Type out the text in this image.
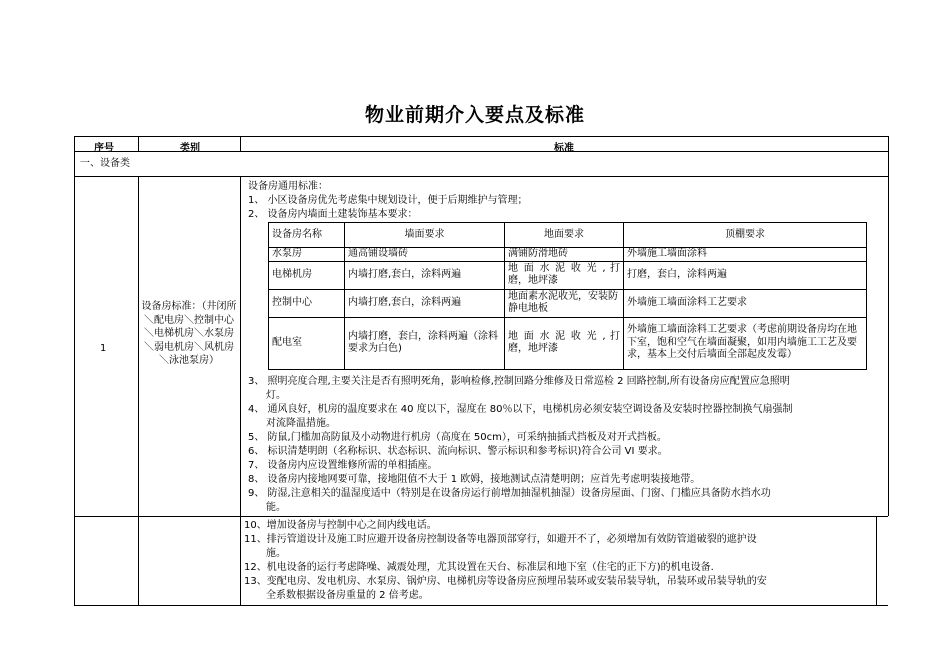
物业前期介入要点及标准
序号	类别	标准
一、设备类
1
设备房标准：（井闭所＼配电房＼控制中心＼电梯机房＼水泵房＼弱电机房＼风机房＼泳池泵房）
设备房通用标准：
1、 小区设备房优先考虑集中规划设计，便于后期维护与管理；
2、 设备房内墙面土建装饰基本要求：
设备房名称	墙面要求	地面要求	顶棚要求
水泵房	通高铺设墙砖	满铺防滑地砖	外墙施工墙面涂料
电梯机房	内墙打磨,套白，涂料两遍	地 面 水 泥 收 光 , 打磨，地坪漆	打磨，套白，涂料两遍
控制中心	内墙打磨,套白，涂料两遍	地面素水泥收光，安装防静电地板	外墙施工墙面涂料工艺要求
配电室	内墙打磨，套白，涂料两遍（涂料要求为白色)	地 面 水 泥 收 光 , 打磨，地坪漆	外墙施工墙面涂料工艺要求（考虑前期设备房均在地下室，饱和空气在墙面凝聚，如用内墙施工工艺及要求，基本上交付后墙面全部起皮发霉）
3、 照明亮度合理,主要关注是否有照明死角，影响检修,控制回路分维修及日常巡检 2 回路控制,所有设备房应配置应急照明
灯。
4、 通风良好，机房的温度要求在 40 度以下，湿度在 80％以下，电梯机房必须安装空调设备及安装时控器控制换气扇强制
对流降温措施。
5、 防鼠,门槛加高防鼠及小动物进行机房（高度在 50cm），可采纳抽插式挡板及对开式挡板。
6、 标识清楚明朗（名称标识、状态标识、流向标识、警示标识和参考标识)符合公司 VI 要求。
7、 设备房内应设置维修所需的单相插座。
8、 设备房内接地网要可靠，接地阻值不大于 1 欧姆，接地测试点清楚明朗；应首先考虑明装接地带。
9、 防湿,注意相关的温湿度适中（特别是在设备房运行前增加抽湿机抽湿）设备房屋面、门窗、门槛应具备防水挡水功
能。
10、增加设备房与控制中心之间内线电话。
11、排污管道设计及施工时应避开设备房控制设备等电器顶部穿行，如避开不了，必须增加有效防管道破裂的遮护设
施。
12、机电设备的运行考虑降噪、减震处理，尤其设置在天台、标准层和地下室（住宅的正下方)的机电设备.
13、变配电房、发电机房、水泵房、锅炉房、电梯机房等设备房应预埋吊装环或安装吊装导轨，吊装环或吊装导轨的安
全系数根据设备房重量的 2 倍考虑。
